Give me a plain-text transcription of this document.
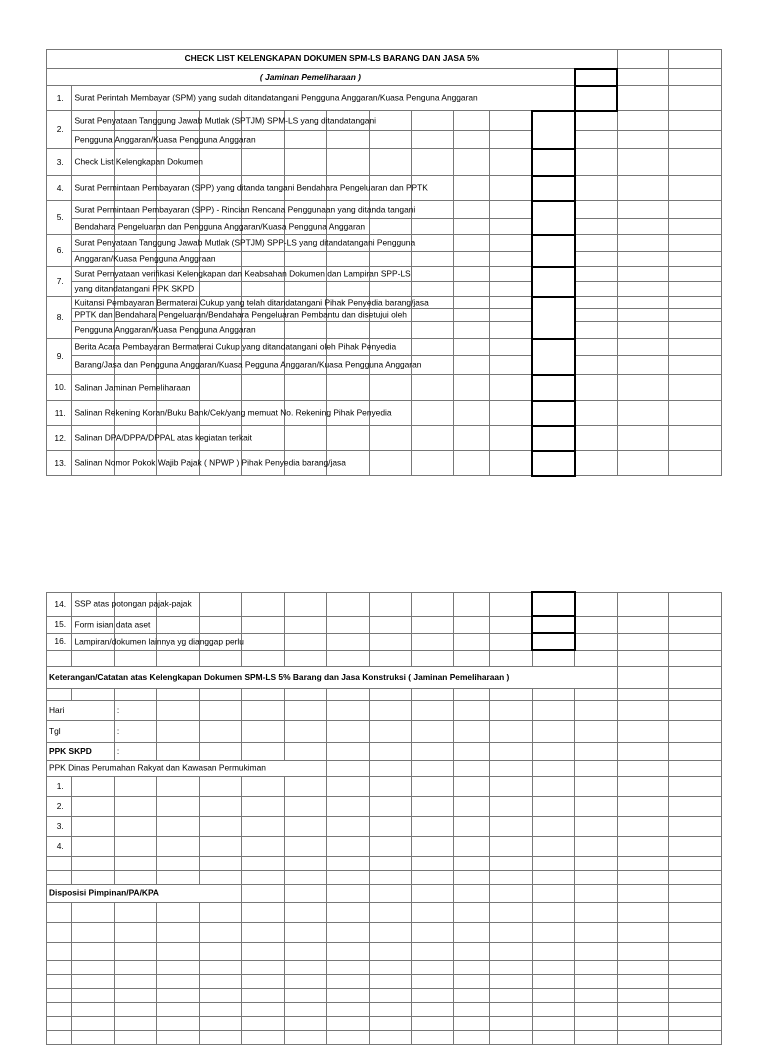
CHECK LIST KELENGKAPAN DOKUMEN SPM-LS BARANG DAN JASA 5%															
( Jaminan Pemeliharaan )															
1.	Surat Perintah Membayar (SPM) yang sudah ditandatangani Pengguna Anggaran/Kuasa Penguna Anggaran														

2.	Surat Penyataan Tanggung Jawab Mutlak (SPTJM) SPM-LS yang ditandatangani														

	Pengguna Anggaran/Kuasa Pengguna Anggaran														

3.	Check List Kelengkapan Dokumen														

4.	Surat Permintaan Pembayaran (SPP) yang ditanda tangani Bendahara Pengeluaran dan PPTK														

5.	Surat Permintaan Pembayaran (SPP) - Rincian Rencana Penggunaan yang ditanda tangani														

	Bendahara Pengeluaran dan Pengguna Anggaran/Kuasa Pengguna Anggaran														

6.	Surat Penyataan Tanggung Jawab Mutlak (SPTJM) SPP-LS yang ditandatangani Pengguna														

	Anggaran/Kuasa Pengguna Anggraan														

7.	Surat Pernyataan verifikasi Kelengkapan dan Keabsahan Dokumen dan Lampiran SPP-LS														

	yang ditandatangani PPK SKPD														

8.	Kuitansi Pembayaran Bermaterai Cukup yang telah ditandatangani Pihak Penyedia barang/jasa														

	PPTK dan Bendahara Pengeluaran/Bendahara Pengeluaran Pembantu dan disetujui oleh														

	Pengguna Anggaran/Kuasa Pengguna Anggaran														

9.	Berita Acara Pembayaran Bermaterai Cukup yang ditandatangani oleh Pihak Penyedia														

	Barang/Jasa dan Pengguna Anggaran/Kuasa Pegguna Anggaran/Kuasa Pengguna Anggaran														

10.	Salinan Jaminan Pemeliharaan														

11.	Salinan Rekening Koran/Buku Bank/Cek/yang memuat No. Rekening Pihak Penyedia														

12.	Salinan DPA/DPPA/DPPAL atas kegiatan terkait														

13.	Salinan Nomor Pokok Wajib Pajak ( NPWP ) Pihak Penyedia barang/jasa														

14.	SSP atas potongan pajak-pajak														

15.	Form isian data aset														

16.	Lampiran/dokumen lainnya yg dianggap perlu														

Keterangan/Catatan atas Kelengkapan Dokumen SPM-LS 5% Barang dan Jasa Konstruksi ( Jaminan Pemeliharaan )															

Hari		:													
Tgl		:													
PPK SKPD		:													

PPK Dinas Perumahan Rakyat dan Kawasan Permukiman															

1.															
2.															
3.															
4.															

Disposisi Pimpinan/PA/KPA															
